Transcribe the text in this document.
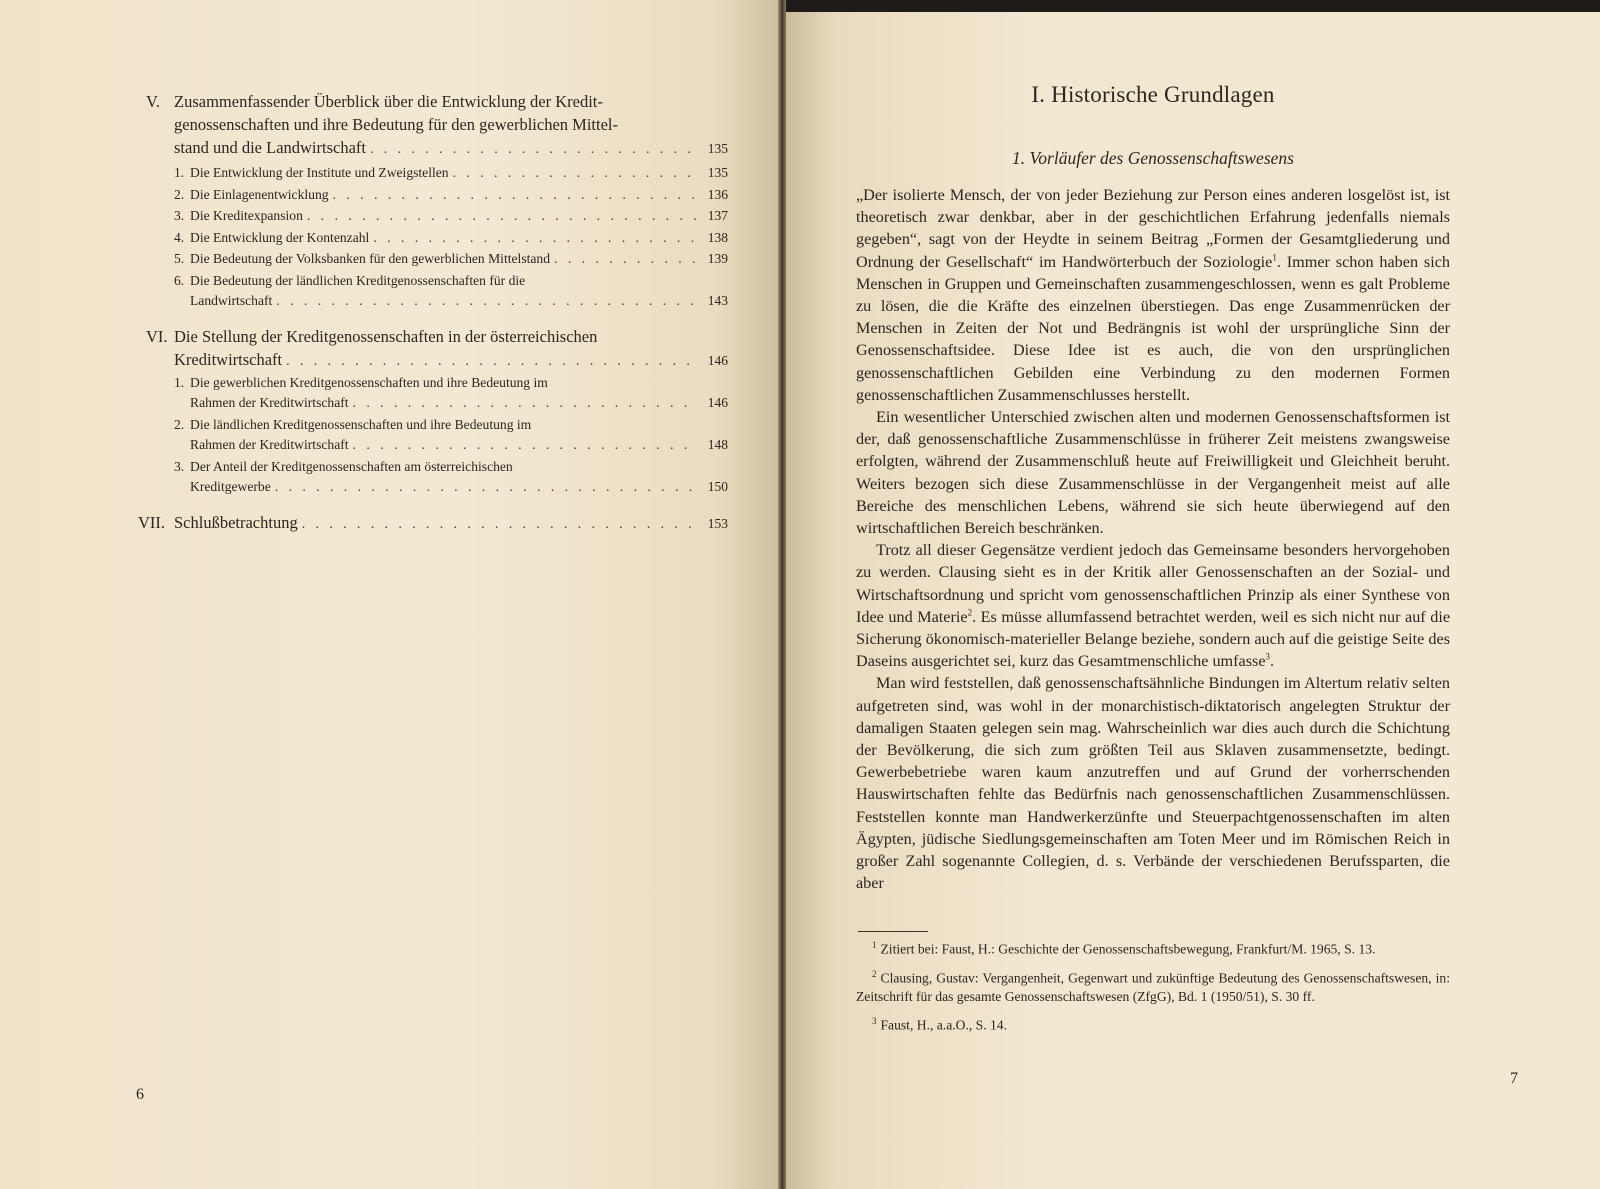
V. Zusammenfassender Überblick über die Entwicklung der Kredit-
genossenschaften und ihre Bedeutung für den gewerblichen Mittel-
stand und die Landwirtschaft . . .	135
1. Die Entwicklung der Institute und Zweigstellen . . .	135
2. Die Einlagenentwicklung . . .	136
3. Die Kreditexpansion . . .	137
4. Die Entwicklung der Kontenzahl . . .	138
5. Die Bedeutung der Volksbanken für den gewerblichen Mittelstand . . .	139
6. Die Bedeutung der ländlichen Kreditgenossenschaften für die
Landwirtschaft . . .	143
VI. Die Stellung der Kreditgenossenschaften in der österreichischen
Kreditwirtschaft . . .	146
1. Die gewerblichen Kreditgenossenschaften und ihre Bedeutung im
Rahmen der Kreditwirtschaft . . .	146
2. Die ländlichen Kreditgenossenschaften und ihre Bedeutung im
Rahmen der Kreditwirtschaft . . .	148
3. Der Anteil der Kreditgenossenschaften am österreichischen
Kreditgewerbe . . .	150
VII. Schlußbetrachtung . . .	153
6
I. Historische Grundlagen
1. Vorläufer des Genossenschaftswesens

„Der isolierte Mensch, der von jeder Beziehung zur Person eines anderen losgelöst ist, ist theoretisch zwar denkbar, aber in der geschichtlichen Erfahrung jedenfalls niemals gegeben“, sagt von der Heydte in seinem Beitrag „Formen der Gesamtgliederung und Ordnung der Gesellschaft“ im Handwörterbuch der Soziologie$^1$. Immer schon haben sich Menschen in Gruppen und Gemeinschaften zusammengeschlossen, wenn es galt Probleme zu lösen, die die Kräfte des einzelnen überstiegen. Das enge Zusammenrücken der Menschen in Zeiten der Not und Bedrängnis ist wohl der ursprüngliche Sinn der Genossenschaftsidee. Diese Idee ist es auch, die von den ursprünglichen genossenschaftlichen Gebilden eine Verbindung zu den modernen Formen genossenschaftlichen Zusammenschlusses herstellt.

Ein wesentlicher Unterschied zwischen alten und modernen Genossenschaftsformen ist der, daß genossenschaftliche Zusammenschlüsse in früherer Zeit meistens zwangsweise erfolgten, während der Zusammenschluß heute auf Freiwilligkeit und Gleichheit beruht. Weiters bezogen sich diese Zusammenschlüsse in der Vergangenheit meist auf alle Bereiche des menschlichen Lebens, während sie sich heute überwiegend auf den wirtschaftlichen Bereich beschränken.

Trotz all dieser Gegensätze verdient jedoch das Gemeinsame besonders hervorgehoben zu werden. Clausing sieht es in der Kritik aller Genossenschaften an der Sozial- und Wirtschaftsordnung und spricht vom genossenschaftlichen Prinzip als einer Synthese von Idee und Materie$^2$. Es müsse allumfassend betrachtet werden, weil es sich nicht nur auf die Sicherung ökonomisch-materieller Belange beziehe, sondern auch auf die geistige Seite des Daseins ausgerichtet sei, kurz das Gesamtmenschliche umfasse$^3$.

Man wird feststellen, daß genossenschaftsähnliche Bindungen im Altertum relativ selten aufgetreten sind, was wohl in der monarchistisch-diktatorisch angelegten Struktur der damaligen Staaten gelegen sein mag. Wahrscheinlich war dies auch durch die Schichtung der Bevölkerung, die sich zum größten Teil aus Sklaven zusammensetzte, bedingt. Gewerbebetriebe waren kaum anzutreffen und auf Grund der vorherrschenden Hauswirtschaften fehlte das Bedürfnis nach genossenschaftlichen Zusammenschlüssen. Feststellen konnte man Handwerkerzünfte und Steuerpachtgenossenschaften im alten Ägypten, jüdische Siedlungsgemeinschaften am Toten Meer und im Römischen Reich in großer Zahl sogenannte Collegien, d. s. Verbände der verschiedenen Berufssparten, die aber

$^1$ Zitiert bei: Faust, H.: Geschichte der Genossenschaftsbewegung, Frankfurt/M. 1965, S. 13.
$^2$ Clausing, Gustav: Vergangenheit, Gegenwart und zukünftige Bedeutung des Genossenschaftswesen, in: Zeitschrift für das gesamte Genossenschaftswesen (ZfgG), Bd. 1 (1950/51), S. 30 ff.
$^3$ Faust, H., a.a.O., S. 14.
7
